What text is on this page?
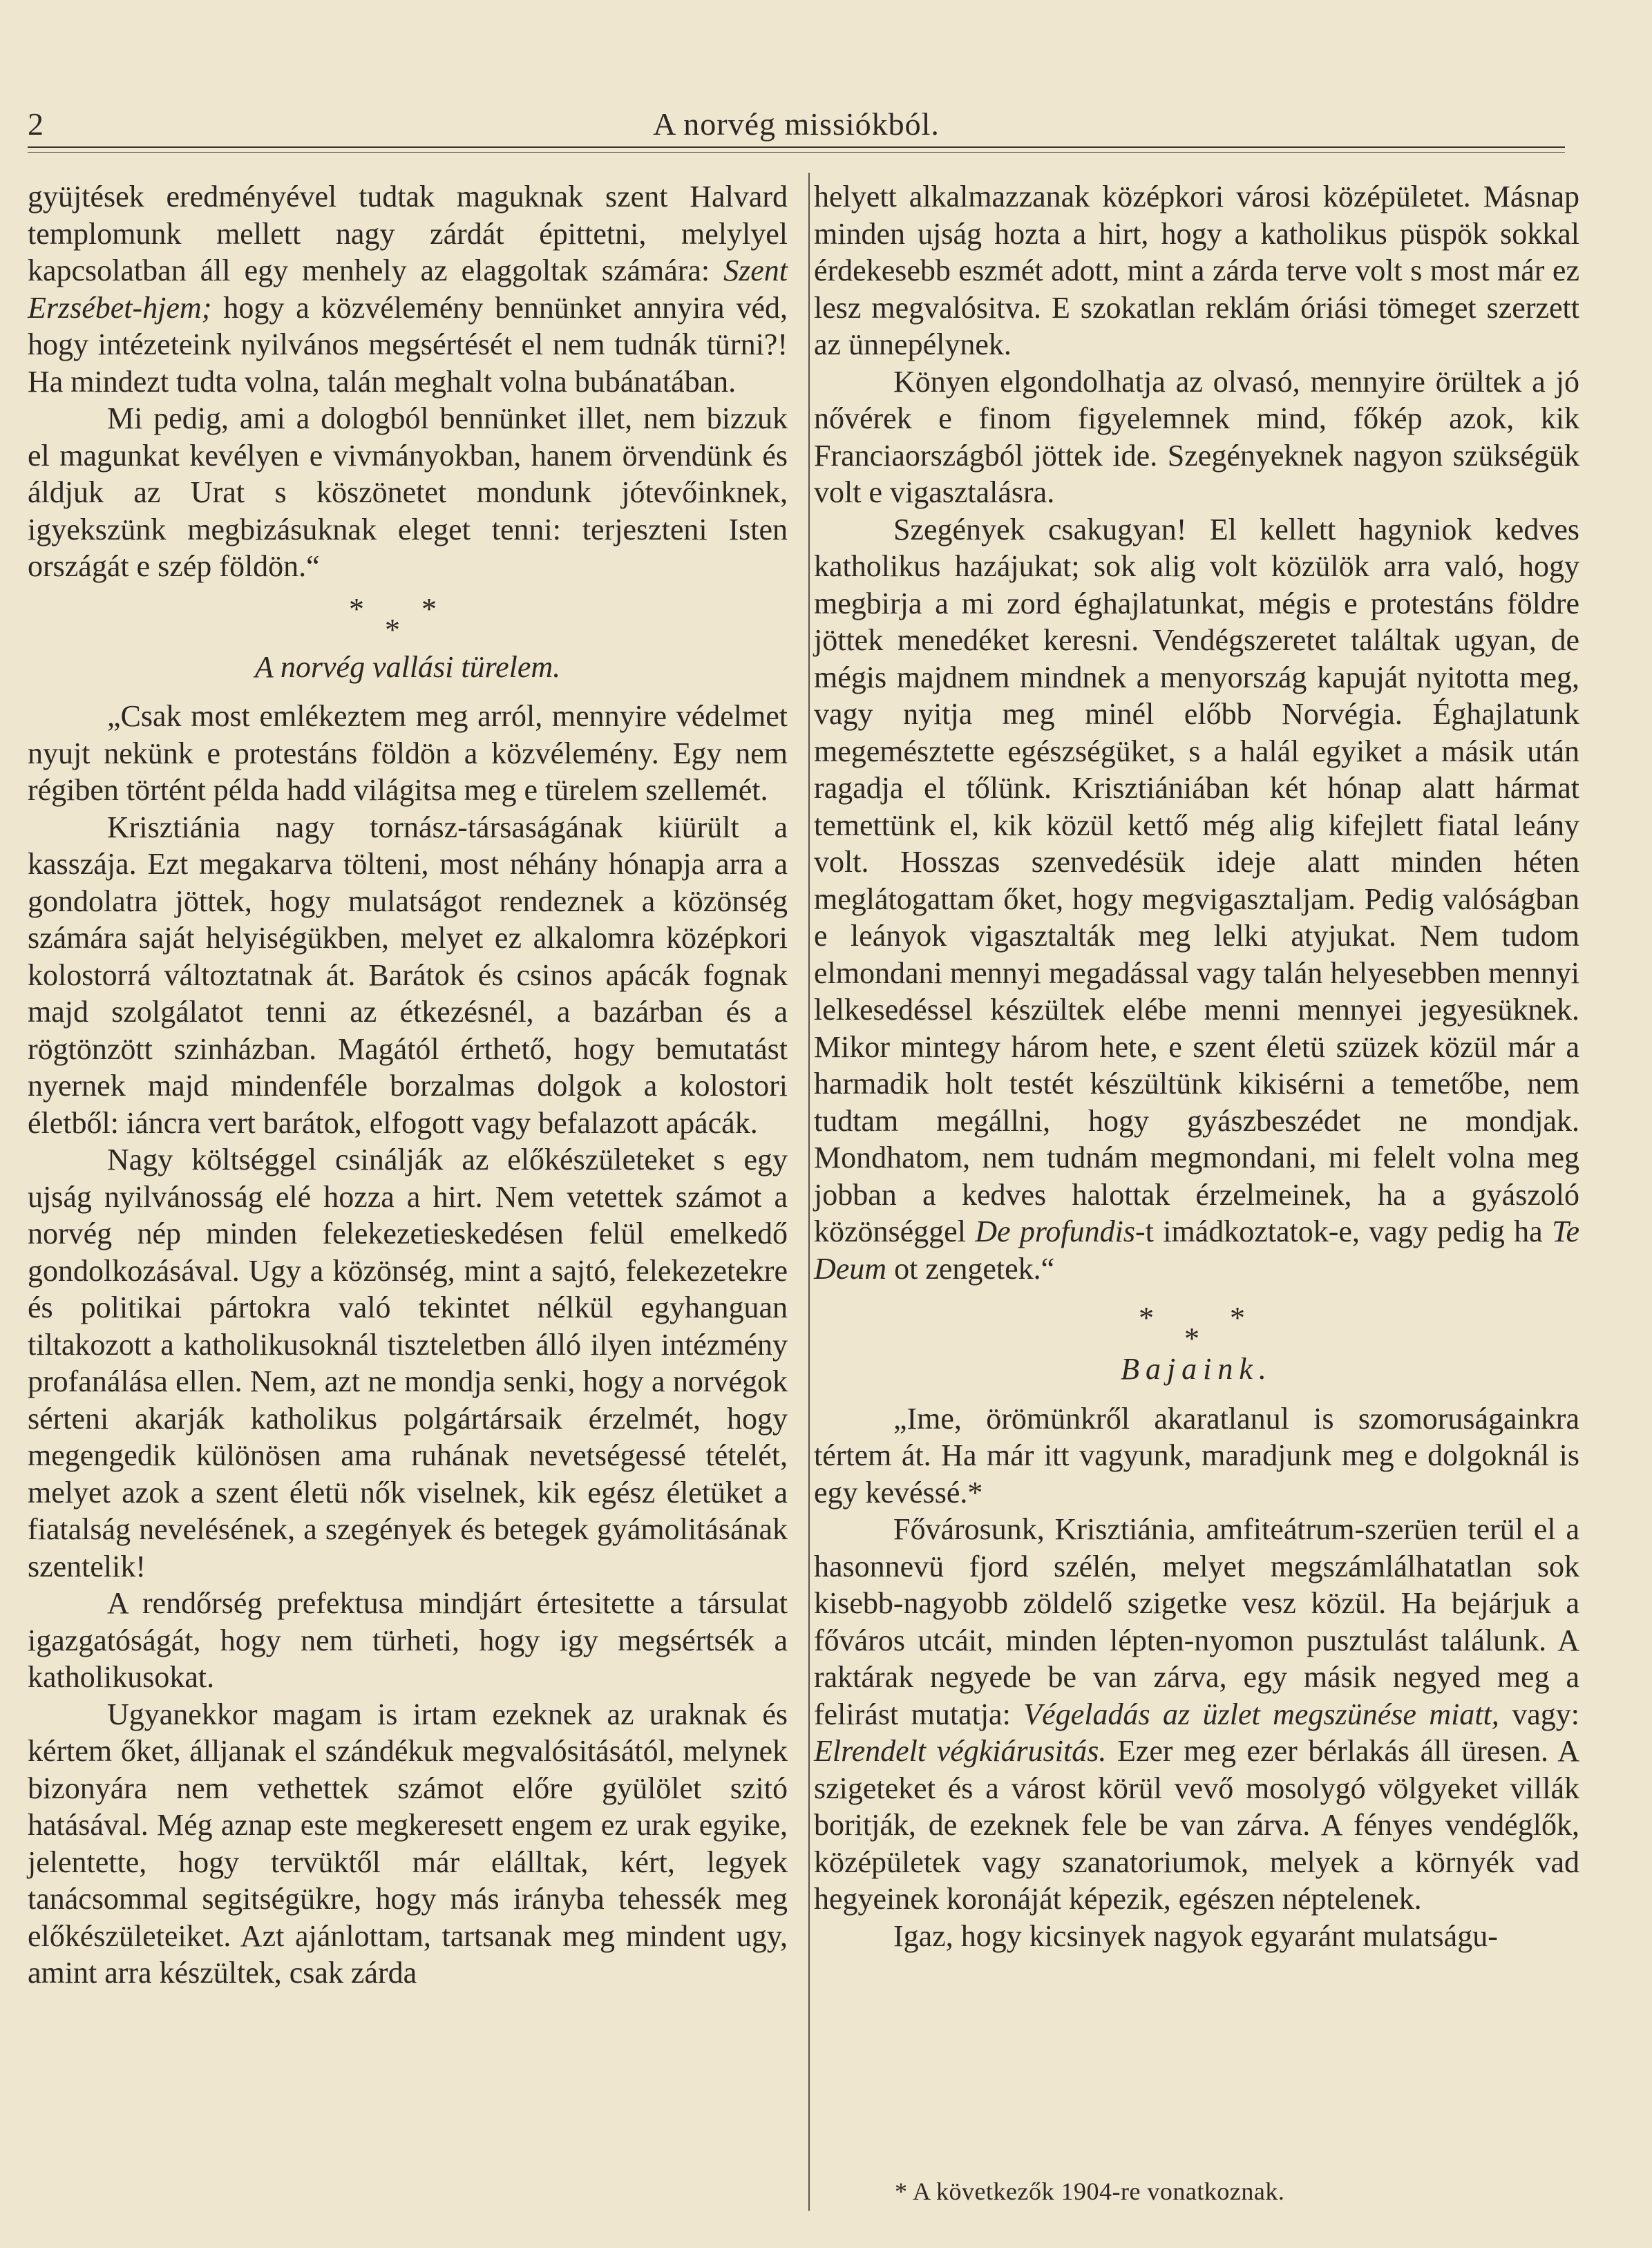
2	A norvég missiókból.

gyüjtések eredményével tudtak maguknak szent Halvard templomunk mellett nagy zárdát épittetni, melylyel kapcsolatban áll egy menhely az elaggoltak számára: Szent Erzsébet-hjem; hogy a közvélemény bennünket annyira véd, hogy intézeteink nyilvános megsértését el nem tudnák türni?! Ha mindezt tudta volna, talán meghalt volna bubánatában.

Mi pedig, ami a dologból bennünket illet, nem bizzuk el magunkat kevélyen e vivmányokban, hanem örvendünk és áldjuk az Urat s köszönetet mondunk jótevőinknek, igyekszünk megbizásuknak eleget tenni: terjeszteni Isten országát e szép földön.“

* *
*
A norvég vallási türelem.

„Csak most emlékeztem meg arról, mennyire védelmet nyujt nekünk e protestáns földön a közvélemény. Egy nem régiben történt példa hadd világitsa meg e türelem szellemét.

Krisztiánia nagy tornász-társaságának kiürült a kasszája. Ezt megakarva tölteni, most néhány hónapja arra a gondolatra jöttek, hogy mulatságot rendeznek a közönség számára saját helyiségükben, melyet ez alkalomra középkori kolostorrá változtatnak át. Barátok és csinos apácák fognak majd szolgálatot tenni az étkezésnél, a bazárban és a rögtönzött szinházban. Magától érthető, hogy bemutatást nyernek majd mindenféle borzalmas dolgok a kolostori életből: iáncra vert barátok, elfogott vagy befalazott apácák.

Nagy költséggel csinálják az előkészületeket s egy ujság nyilvánosság elé hozza a hirt. Nem vetettek számot a norvég nép minden felekezetieskedésen felül emelkedő gondolkozásával. Ugy a közönség, mint a sajtó, felekezetekre és politikai pártokra való tekintet nélkül egyhanguan tiltakozott a katholikusoknál tiszteletben álló ilyen intézmény profanálása ellen. Nem, azt ne mondja senki, hogy a norvégok sérteni akarják katholikus polgártársaik érzelmét, hogy megengedik különösen ama ruhának nevetségessé tételét, melyet azok a szent életü nők viselnek, kik egész életüket a fiatalság nevelésének, a szegények és betegek gyámolitásának szentelik!

A rendőrség prefektusa mindjárt értesitette a társulat igazgatóságát, hogy nem türheti, hogy igy megsértsék a katholikusokat.

Ugyanekkor magam is irtam ezeknek az uraknak és kértem őket, álljanak el szándékuk megvalósitásától, melynek bizonyára nem vethettek számot előre gyülölet szitó hatásával. Még aznap este megkeresett engem ez urak egyike, jelentette, hogy tervüktől már elálltak, kért, legyek tanácsommal segitségükre, hogy más irányba tehessék meg előkészületeiket. Azt ajánlottam, tartsanak meg mindent ugy, amint arra készültek, csak zárda

helyett alkalmazzanak középkori városi középületet. Másnap minden ujság hozta a hirt, hogy a katholikus püspök sokkal érdekesebb eszmét adott, mint a zárda terve volt s most már ez lesz megvalósitva. E szokatlan reklám óriási tömeget szerzett az ünnepélynek.

Könyen elgondolhatja az olvasó, mennyire örültek a jó nővérek e finom figyelemnek mind, főkép azok, kik Franciaországból jöttek ide. Szegényeknek nagyon szükségük volt e vigasztalásra.

Szegények csakugyan! El kellett hagyniok kedves katholikus hazájukat; sok alig volt közülök arra való, hogy megbirja a mi zord éghajlatunkat, mégis e protestáns földre jöttek menedéket keresni. Vendégszeretet találtak ugyan, de mégis majdnem mindnek a menyország kapuját nyitotta meg, vagy nyitja meg minél előbb Norvégia. Éghajlatunk megemésztette egészségüket, s a halál egyiket a másik után ragadja el tőlünk. Krisztiániában két hónap alatt hármat temettünk el, kik közül kettő még alig kifejlett fiatal leány volt. Hosszas szenvedésük ideje alatt minden héten meglátogattam őket, hogy megvigasztaljam. Pedig valóságban e leányok vigasztalták meg lelki atyjukat. Nem tudom elmondani mennyi megadással vagy talán helyesebben mennyi lelkesedéssel készültek elébe menni mennyei jegyesüknek. Mikor mintegy három hete, e szent életü szüzek közül már a harmadik holt testét készültünk kikisérni a temetőbe, nem tudtam megállni, hogy gyászbeszédet ne mondjak. Mondhatom, nem tudnám megmondani, mi felelt volna meg jobban a kedves halottak érzelmeinek, ha a gyászoló közönséggel De profundis-t imádkoztatok-e, vagy pedig ha Te Deum ot zengetek.“

*	*
*
Bajaink.

„Ime, örömünkről akaratlanul is szomoruságainkra tértem át. Ha már itt vagyunk, maradjunk meg e dolgoknál is egy kevéssé.*

Fővárosunk, Krisztiánia, amfiteátrum-szerüen terül el a hasonnevü fjord szélén, melyet megszámlálhatatlan sok kisebb-nagyobb zöldelő szigetke vesz közül. Ha bejárjuk a főváros utcáit, minden lépten-nyomon pusztulást találunk. A raktárak negyede be van zárva, egy másik negyed meg a felirást mutatja: Végeladás az üzlet megszünése miatt, vagy: Elrendelt végkiárusitás. Ezer meg ezer bérlakás áll üresen. A szigeteket és a várost körül vevő mosolygó völgyeket villák boritják, de ezeknek fele be van zárva. A fényes vendéglők, középületek vagy szanatoriumok, melyek a környék vad hegyeinek koronáját képezik, egészen néptelenek.

Igaz, hogy kicsinyek nagyok egyaránt mulatságu-

* A következők 1904-re vonatkoznak.
